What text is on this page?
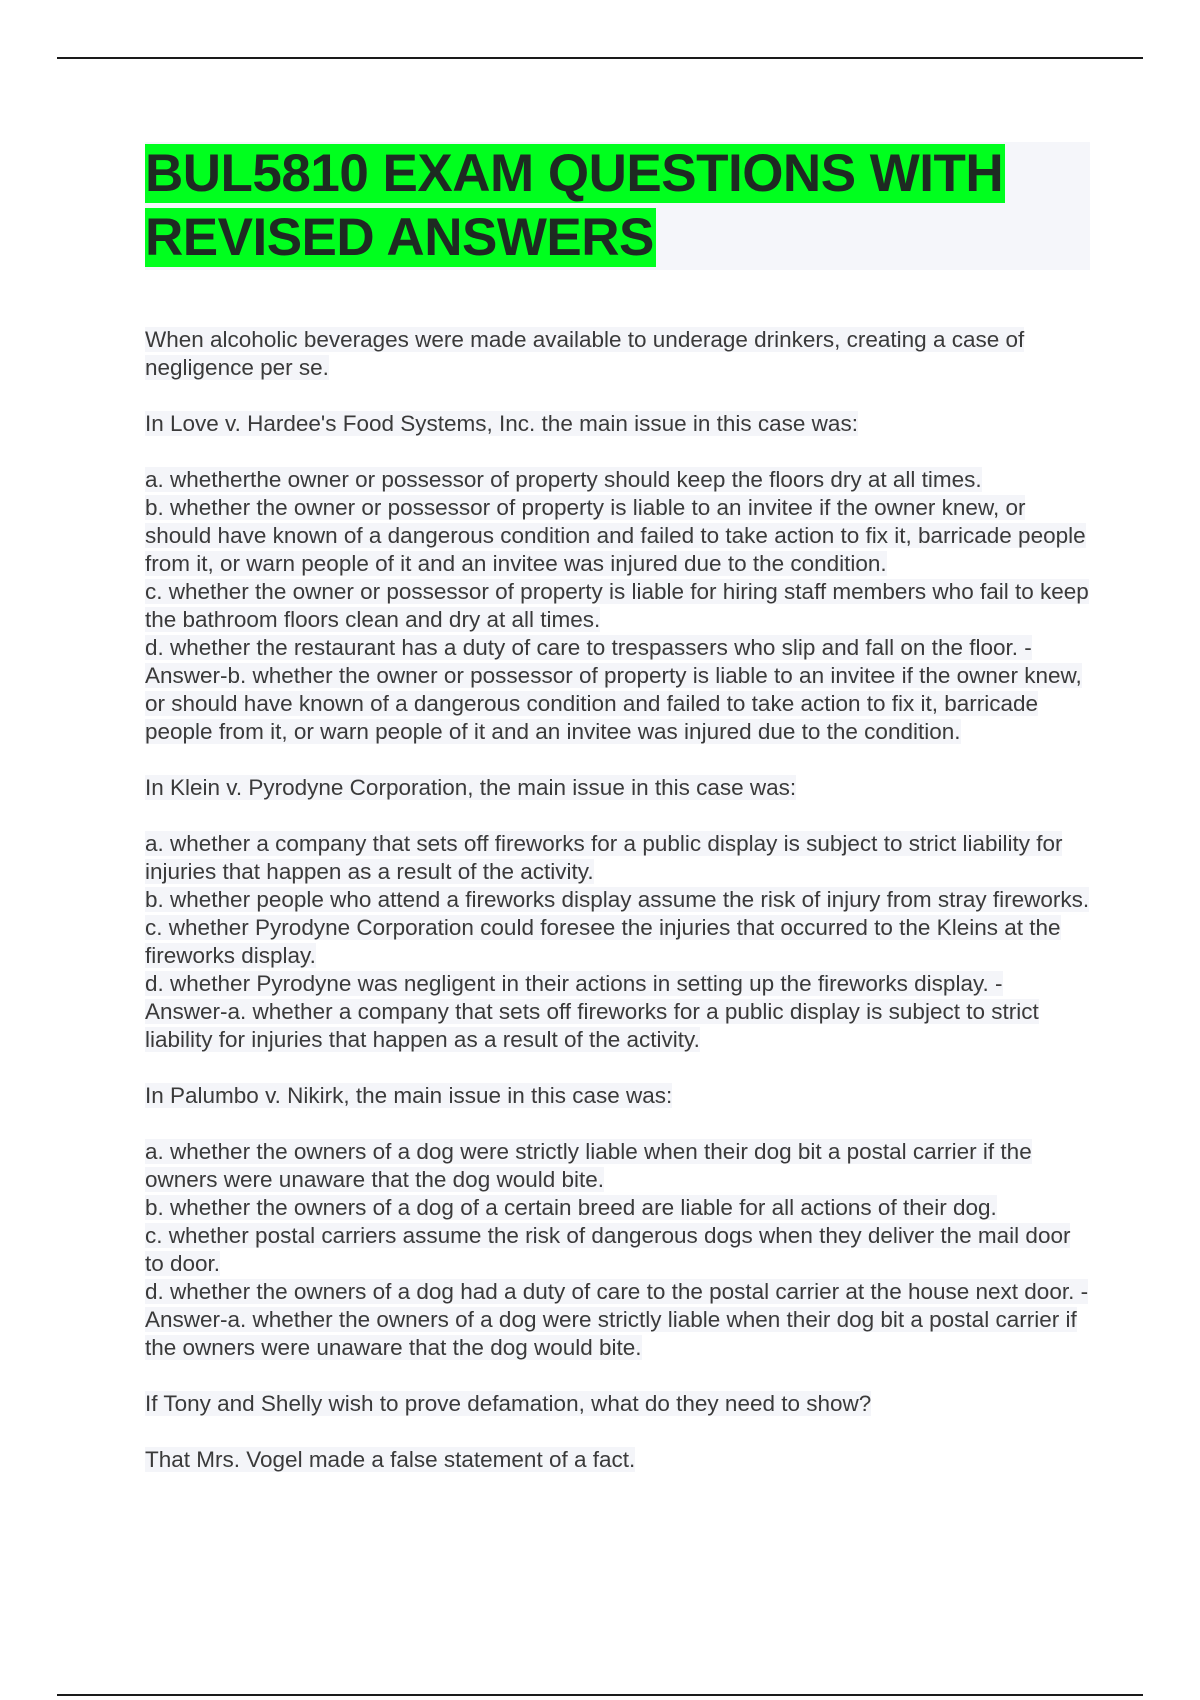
BUL5810 EXAM QUESTIONS WITH REVISED ANSWERS

When alcoholic beverages were made available to underage drinkers, creating a case of negligence per se.

In Love v. Hardee's Food Systems, Inc. the main issue in this case was:

a. whetherthe owner or possessor of property should keep the floors dry at all times.
b. whether the owner or possessor of property is liable to an invitee if the owner knew, or should have known of a dangerous condition and failed to take action to fix it, barricade people from it, or warn people of it and an invitee was injured due to the condition.
c. whether the owner or possessor of property is liable for hiring staff members who fail to keep the bathroom floors clean and dry at all times.
d. whether the restaurant has a duty of care to trespassers who slip and fall on the floor. - Answer-b. whether the owner or possessor of property is liable to an invitee if the owner knew, or should have known of a dangerous condition and failed to take action to fix it, barricade people from it, or warn people of it and an invitee was injured due to the condition.

In Klein v. Pyrodyne Corporation, the main issue in this case was:

a. whether a company that sets off fireworks for a public display is subject to strict liability for injuries that happen as a result of the activity.
b. whether people who attend a fireworks display assume the risk of injury from stray fireworks.
c. whether Pyrodyne Corporation could foresee the injuries that occurred to the Kleins at the fireworks display.
d. whether Pyrodyne was negligent in their actions in setting up the fireworks display. - Answer-a. whether a company that sets off fireworks for a public display is subject to strict liability for injuries that happen as a result of the activity.

In Palumbo v. Nikirk, the main issue in this case was:

a. whether the owners of a dog were strictly liable when their dog bit a postal carrier if the owners were unaware that the dog would bite.
b. whether the owners of a dog of a certain breed are liable for all actions of their dog.
c. whether postal carriers assume the risk of dangerous dogs when they deliver the mail door to door.
d. whether the owners of a dog had a duty of care to the postal carrier at the house next door. - Answer-a. whether the owners of a dog were strictly liable when their dog bit a postal carrier if the owners were unaware that the dog would bite.

If Tony and Shelly wish to prove defamation, what do they need to show?

That Mrs. Vogel made a false statement of a fact.
